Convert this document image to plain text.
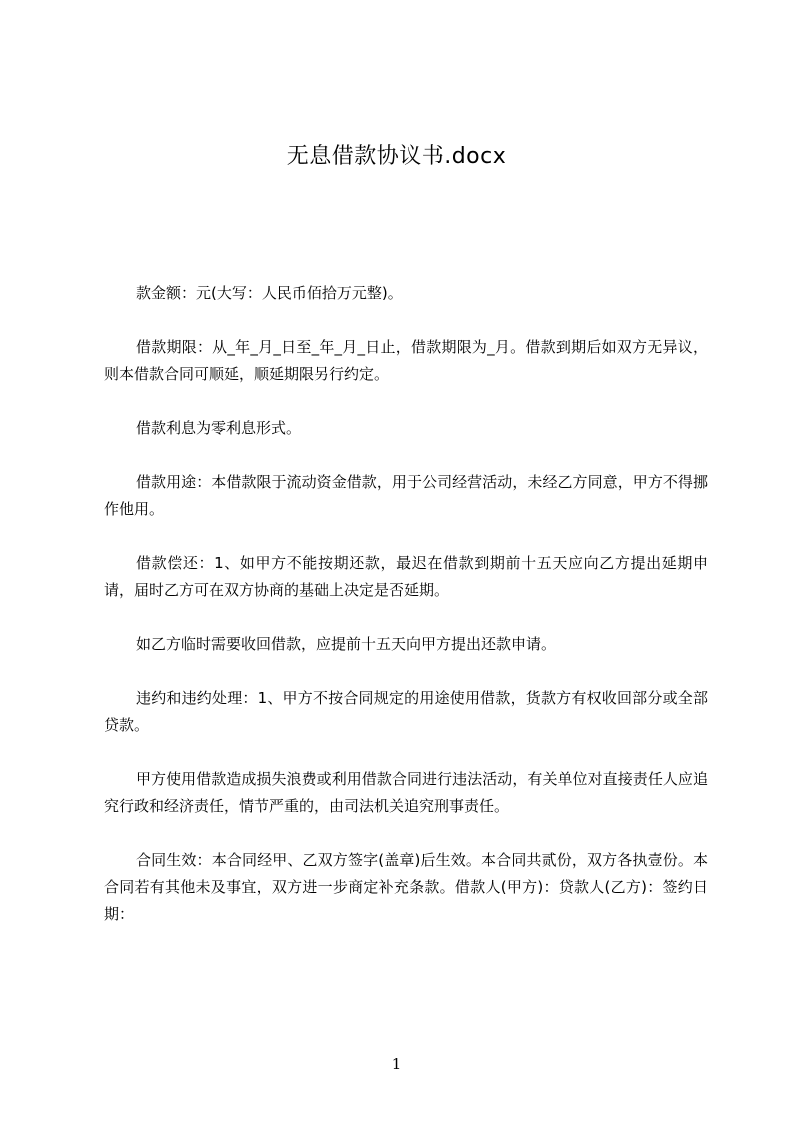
无息借款协议书.docx

款金额：元(大写：人民币佰拾万元整)。

借款期限：从_年_月_日至_年_月_日止，借款期限为_月。借款到期后如双方无异议，则本借款合同可顺延，顺延期限另行约定。

借款利息为零利息形式。

借款用途：本借款限于流动资金借款，用于公司经营活动，未经乙方同意，甲方不得挪作他用。

借款偿还：1、如甲方不能按期还款，最迟在借款到期前十五天应向乙方提出延期申请，届时乙方可在双方协商的基础上决定是否延期。

如乙方临时需要收回借款，应提前十五天向甲方提出还款申请。

违约和违约处理：1、甲方不按合同规定的用途使用借款，货款方有权收回部分或全部贷款。

甲方使用借款造成损失浪费或利用借款合同进行违法活动，有关单位对直接责任人应追究行政和经济责任，情节严重的，由司法机关追究刑事责任。

合同生效：本合同经甲、乙双方签字(盖章)后生效。本合同共贰份，双方各执壹份。本合同若有其他未及事宜，双方进一步商定补充条款。借款人(甲方)：贷款人(乙方)：签约日期：

1
